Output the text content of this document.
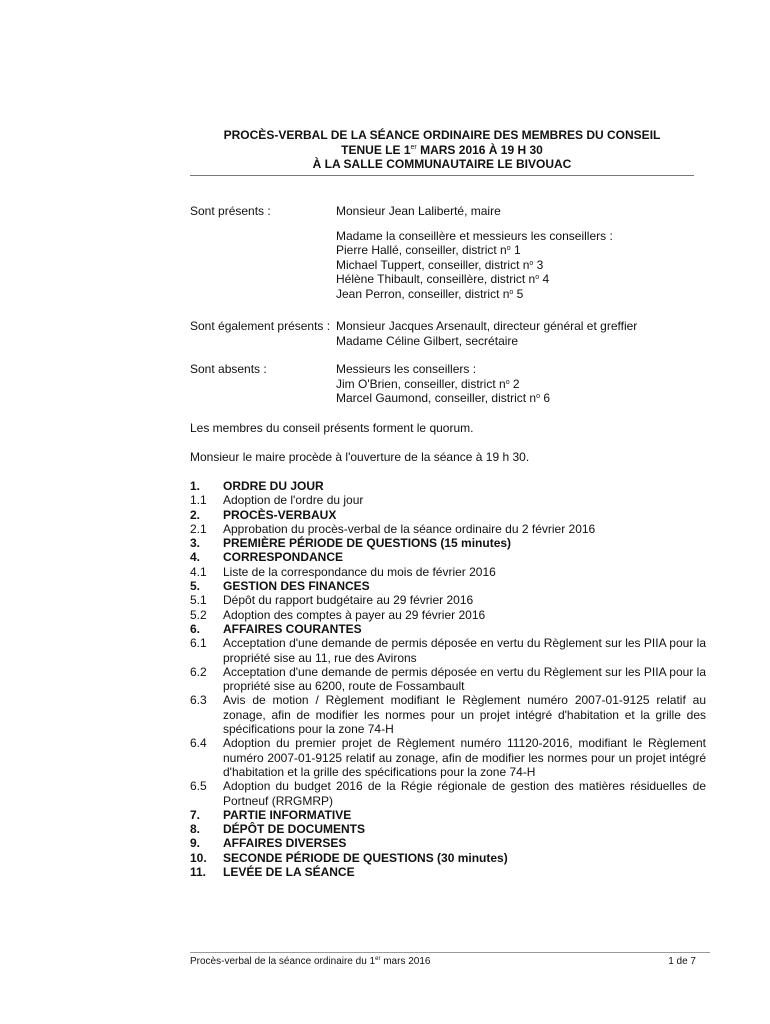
PROCÈS-VERBAL DE LA SÉANCE ORDINAIRE DES MEMBRES DU CONSEIL
TENUE LE 1er MARS 2016 À 19 H 30
À LA SALLE COMMUNAUTAIRE LE BIVOUAC
Sont présents :	Monsieur Jean Laliberté, maire
Madame la conseillère et messieurs les conseillers :
Pierre Hallé, conseiller, district $n^o$ 1
Michael Tuppert, conseiller, district $n^o$ 3
Hélène Thibault, conseillère, district $n^o$ 4
Jean Perron, conseiller, district $n^o$ 5
Sont également présents : Monsieur Jacques Arsenault, directeur général et greffier
Madame Céline Gilbert, secrétaire
Sont absents :	Messieurs les conseillers :
Jim O'Brien, conseiller, district $n^o$ 2
Marcel Gaumond, conseiller, district $n^o$ 6
Les membres du conseil présents forment le quorum.
Monsieur le maire procède à l'ouverture de la séance à 19 h 30.
1.	ORDRE DU JOUR
1.1	Adoption de l'ordre du jour
2.	PROCÈS-VERBAUX
2.1	Approbation du procès-verbal de la séance ordinaire du 2 février 2016
3.	PREMIÈRE PÉRIODE DE QUESTIONS (15 minutes)
4.	CORRESPONDANCE
4.1	Liste de la correspondance du mois de février 2016
5.	GESTION DES FINANCES
5.1	Dépôt du rapport budgétaire au 29 février 2016
5.2	Adoption des comptes à payer au 29 février 2016
6.	AFFAIRES COURANTES
6.1	Acceptation d'une demande de permis déposée en vertu du Règlement sur les PIIA pour la propriété sise au 11, rue des Avirons
6.2	Acceptation d'une demande de permis déposée en vertu du Règlement sur les PIIA pour la propriété sise au 6200, route de Fossambault
6.3	Avis de motion / Règlement modifiant le Règlement numéro 2007-01-9125 relatif au zonage, afin de modifier les normes pour un projet intégré d'habitation et la grille des spécifications pour la zone 74-H
6.4	Adoption du premier projet de Règlement numéro 11120-2016, modifiant le Règlement numéro 2007-01-9125 relatif au zonage, afin de modifier les normes pour un projet intégré d'habitation et la grille des spécifications pour la zone 74-H
6.5	Adoption du budget 2016 de la Régie régionale de gestion des matières résiduelles de Portneuf (RRGMRP)
7.	PARTIE INFORMATIVE
8.	DÉPÔT DE DOCUMENTS
9.	AFFAIRES DIVERSES
10.	SECONDE PÉRIODE DE QUESTIONS (30 minutes)
11.	LEVÉE DE LA SÉANCE
Procès-verbal de la séance ordinaire du 1er mars 2016	1 de 7
